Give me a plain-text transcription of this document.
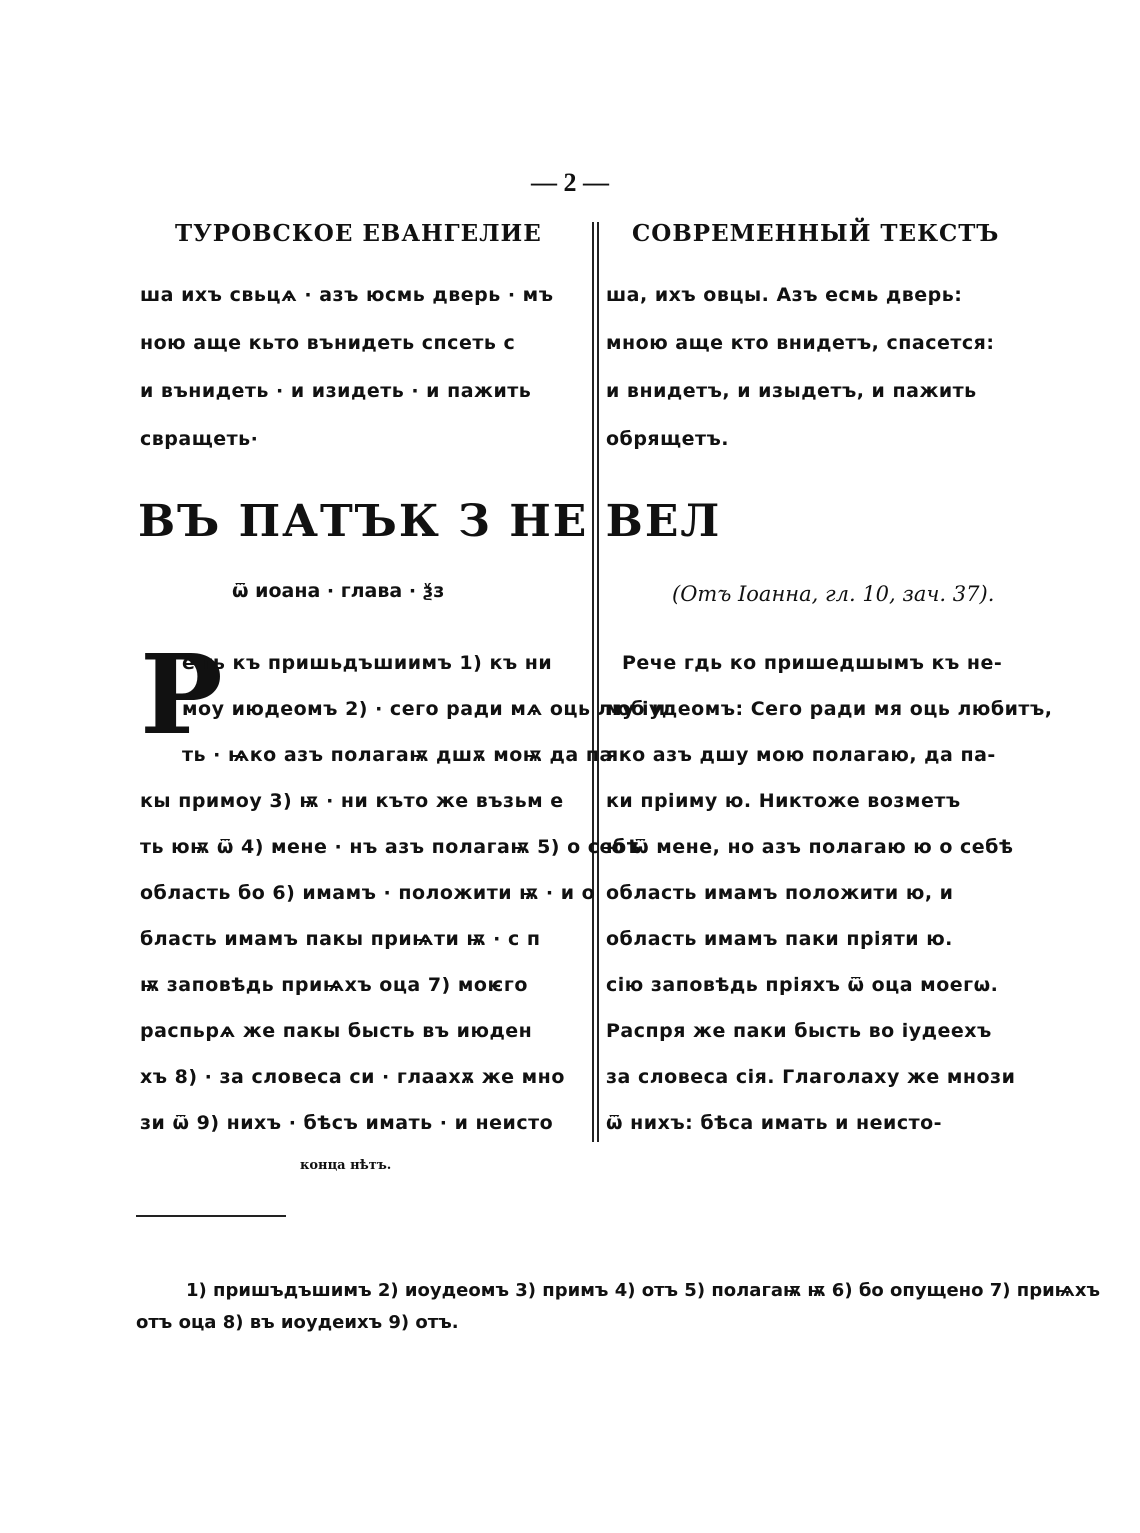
— 2 —
ТУРОВСКОЕ ЕВАНГЕЛИЕ	СОВРЕМЕННЫЙ ТЕКСТЪ
ша ихъ свьцѧ · азъ юсмь дверь · мъ
ною аще кьто вънидеть спсеть с
и вънидеть · и изидеть · и пажить
свращеть·
ша, ихъ овцы. Азъ есмь дверь:
мною аще кто внидетъ, спасется:
и внидетъ, и изыдетъ, и пажить
обрящетъ.
ВЪ ПАТЪК З НЕ ВЕЛ
ѿ иоана · глава · ѯз	(Отъ Іоанна, гл. 10, зач. 37).
Р
е гь къ пришьдъшиимъ 1) къ ни
моу июдеомъ 2) · сего ради мѧ оць люб и
ть · ѩко азъ полагаѭ дшѫ моѭ да па
кы примоу 3) ѭ · ни къто же възьм е
ть юѭ ѿ 4) мене · нъ азъ полагаѭ 5) о себѣ
область бо 6) имамъ · положити ѭ · и о
бласть имамъ пакы приѩти ѭ · с п
ѭ заповѣдь приѩхъ оца 7) моѥго
распьрѧ же пакы бысть въ июден
хъ 8) · за словеса си · глаахѫ же мно
зи ѿ 9) нихъ · бѣсъ имать · и неисто
Рече гдь ко пришедшымъ къ не-
му іудеомъ: Сего ради мя оць любитъ,
яко азъ дшу мою полагаю, да па-
ки пріиму ю. Никтоже возметъ
ю ѿ мене, но азъ полагаю ю о себѣ
область имамъ положити ю, и
область имамъ паки пріяти ю.
сію заповѣдь пріяхъ ѿ оца моегѡ.
Распря же паки бысть во іудеехъ
за словеса сія. Глаголаху же мнози
ѿ нихъ: бѣса имать и неисто-
конца нѣтъ.
1) пришъдъшимъ 2) иоудеомъ 3) примъ 4) отъ 5) полагаѭ ѭ 6) бо опущено 7) приѩхъ
отъ оца 8) въ иоудеихъ 9) отъ.
